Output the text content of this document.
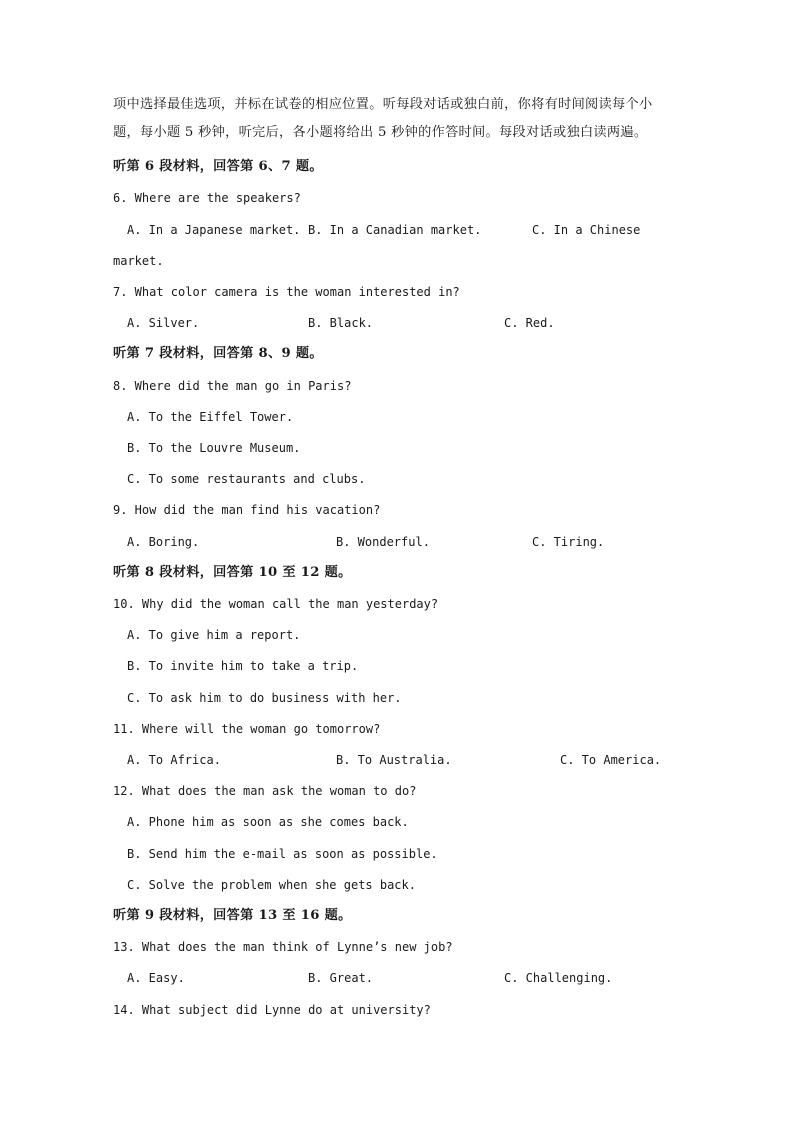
项中选择最佳选项，并标在试卷的相应位置。听每段对话或独白前，你将有时间阅读每个小
题，每小题 5 秒钟，听完后，各小题将给出 5 秒钟的作答时间。每段对话或独白读两遍。
听第 6 段材料，回答第 6、7 题。
6. Where are the speakers?
A. In a Japanese market. B. In a Canadian market.	C. In a Chinese
market.
7. What color camera is the woman interested in?
A. Silver.	B. Black.	C. Red.
听第 7 段材料，回答第 8、9 题。
8. Where did the man go in Paris?
A. To the Eiffel Tower.
B. To the Louvre Museum.
C. To some restaurants and clubs.
9. How did the man find his vacation?
A. Boring.	B. Wonderful.	C. Tiring.
听第 8 段材料，回答第 10 至 12 题。
10. Why did the woman call the man yesterday?
A. To give him a report.
B. To invite him to take a trip.
C. To ask him to do business with her.
11. Where will the woman go tomorrow?
A. To Africa.	B. To Australia.	C. To America.
12. What does the man ask the woman to do?
A. Phone him as soon as she comes back.
B. Send him the e-mail as soon as possible.
C. Solve the problem when she gets back.
听第 9 段材料，回答第 13 至 16 题。
13. What does the man think of Lynne’s new job?
A. Easy.	B. Great.	C. Challenging.
14. What subject did Lynne do at university?
